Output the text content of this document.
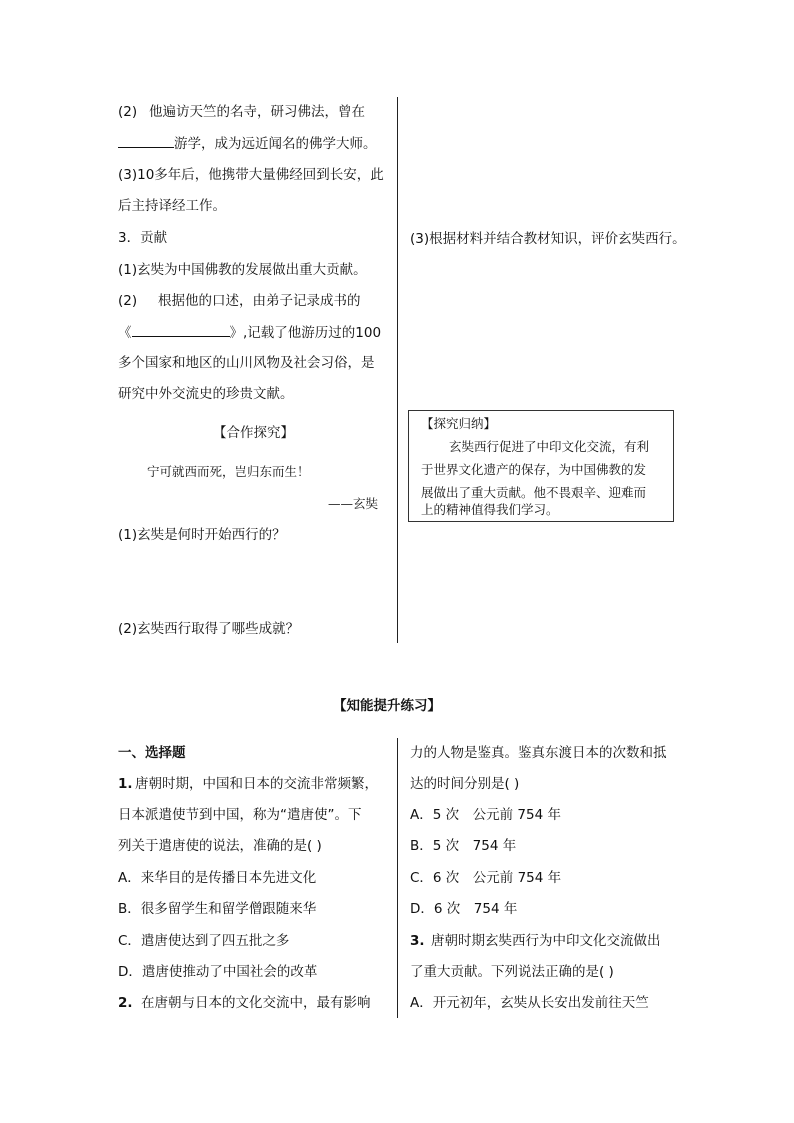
(2) 他遍访天竺的名寺，研习佛法，曾在
游学，成为远近闻名的佛学大师。
(3)10多年后，他携带大量佛经回到长安，此
后主持译经工作。
3．贡献
(1)玄奘为中国佛教的发展做出重大贡献。
(2) 根据他的口述，由弟子记录成书的
《	》,记载了他游历过的100
多个国家和地区的山川风物及社会习俗，是
研究中外交流史的珍贵文献。
【合作探究】
宁可就西而死，岂归东而生！
——玄奘
(1)玄奘是何时开始西行的？
(2)玄奘西行取得了哪些成就？
(3)根据材料并结合教材知识，评价玄奘西行。
【探究归纳】
玄奘西行促进了中印文化交流，有利
于世界文化遗产的保存，为中国佛教的发
展做出了重大贡献。他不畏艰辛、迎难而
上的精神值得我们学习。
【知能提升练习】
一、选择题
1. 唐朝时期，中国和日本的交流非常频繁，
日本派遣使节到中国，称为“遣唐使”。下
列关于遣唐使的说法，准确的是( )
A．来华目的是传播日本先进文化
B．很多留学生和留学僧跟随来华
C．遣唐使达到了四五批之多
D．遣唐使推动了中国社会的改革
2. 在唐朝与日本的文化交流中，最有影响
力的人物是鉴真。鉴真东渡日本的次数和抵
达的时间分别是( )
A．5 次　公元前 754 年
B．5 次　754 年
C．6 次　公元前 754 年
D．6 次　754 年
3. 唐朝时期玄奘西行为中印文化交流做出
了重大贡献。下列说法正确的是( )
A．开元初年，玄奘从长安出发前往天竺
